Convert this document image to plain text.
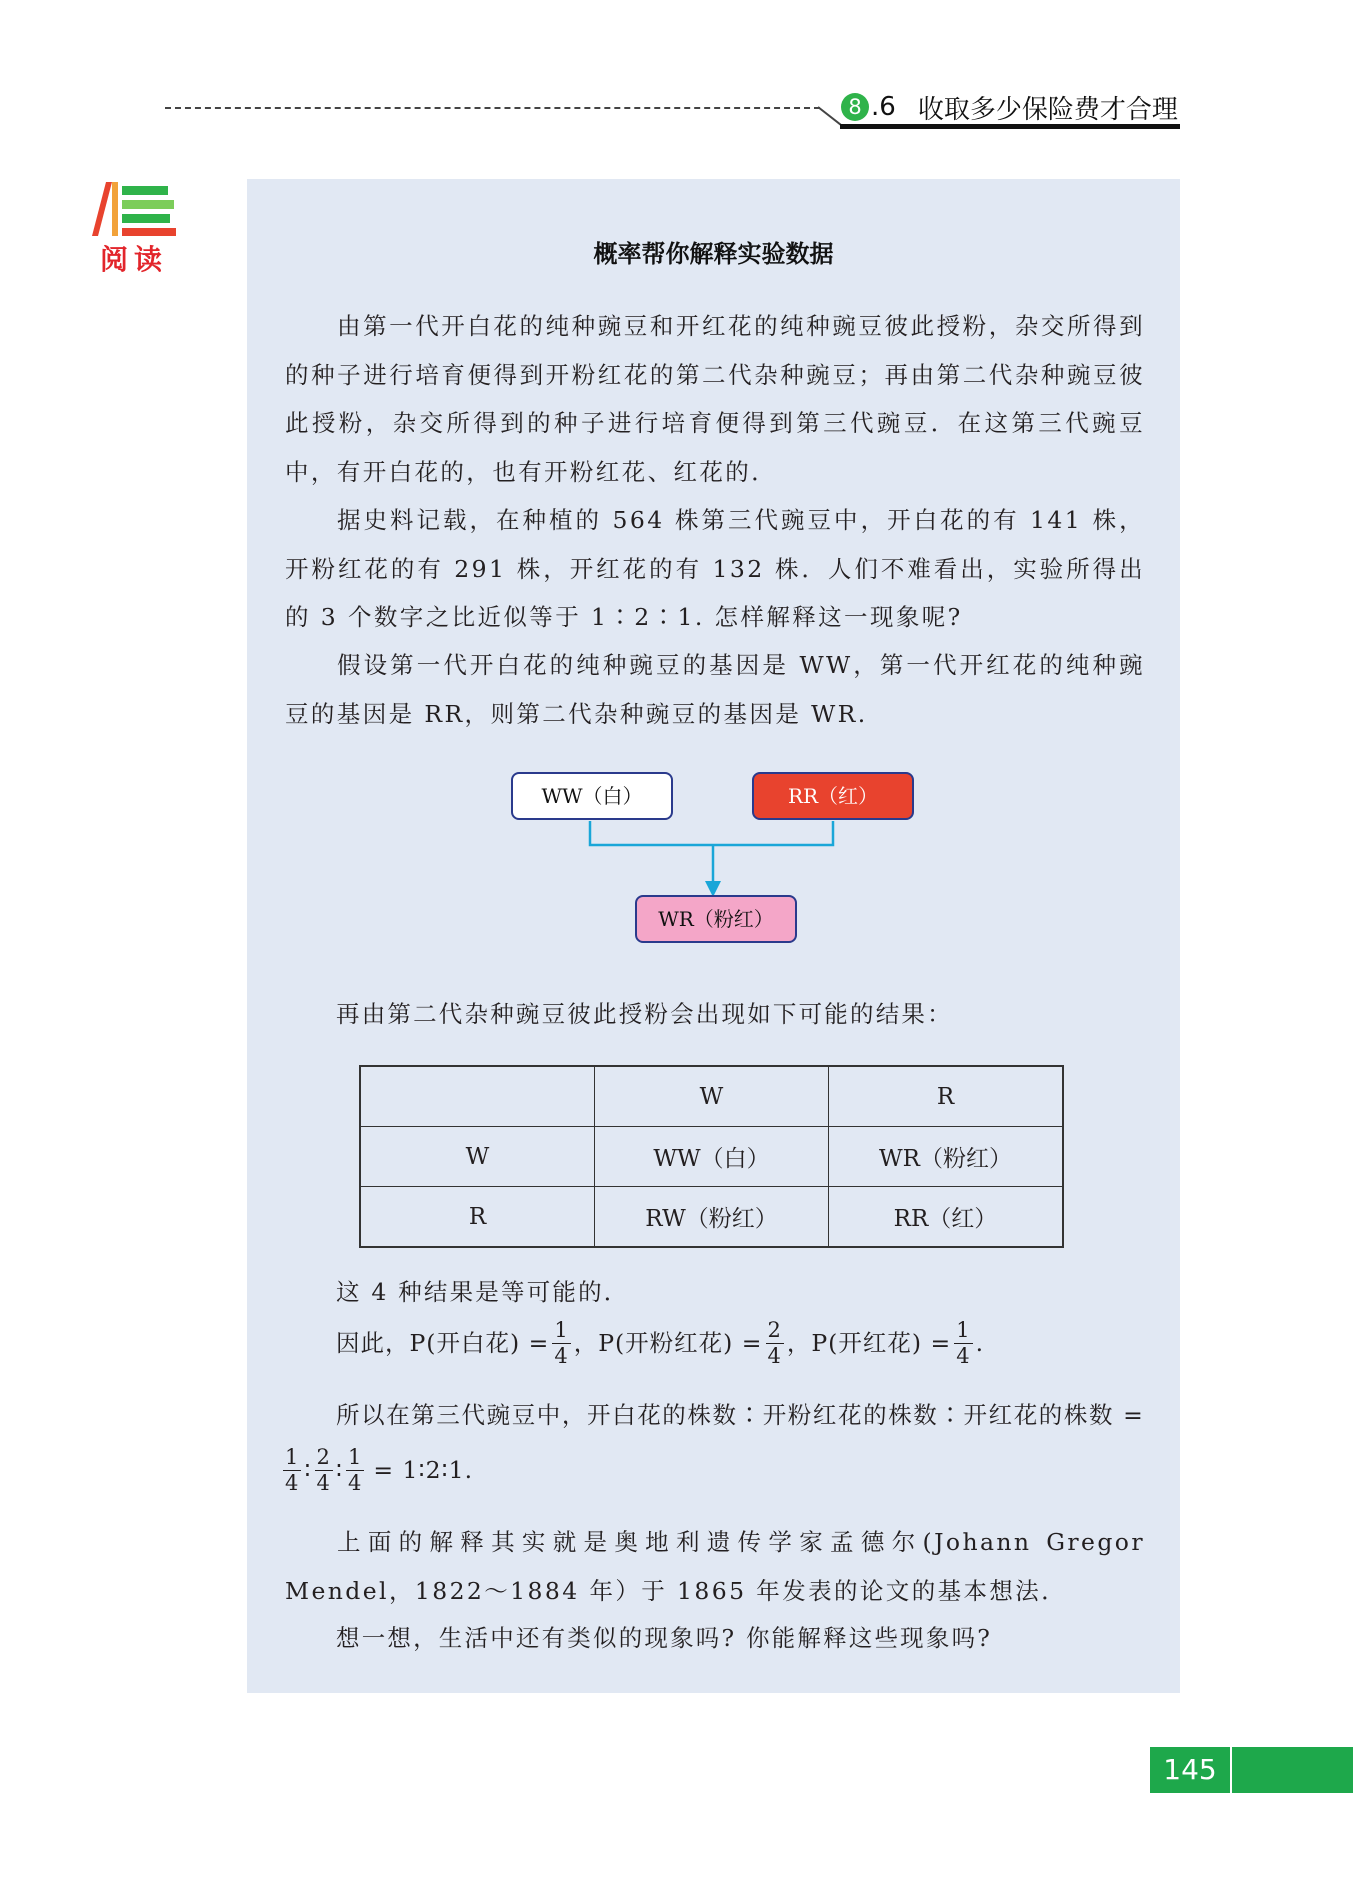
8 .6 收取多少保险费才合理
阅读	概率帮你解释实验数据

由第一代开白花的纯种豌豆和开红花的纯种豌豆彼此授粉，杂交所得到的种子进行培育便得到开粉红花的第二代杂种豌豆；再由第二代杂种豌豆彼此授粉，杂交所得到的种子进行培育便得到第三代豌豆．在这第三代豌豆中，有开白花的，也有开粉红花、红花的．

据史料记载，在种植的 564 株第三代豌豆中，开白花的有 141 株，开粉红花的有 291 株，开红花的有 132 株．人们不难看出，实验所得出的 3 个数字之比近似等于 1∶2∶1. 怎样解释这一现象呢?

假设第一代开白花的纯种豌豆的基因是 WW，第一代开红花的纯种豌豆的基因是 RR，则第二代杂种豌豆的基因是 WR.

WW（白）	RR（红）
WR（粉红）
再由第二代杂种豌豆彼此授粉会出现如下可能的结果：
	W	R
W	WW（白）	WR（粉红）
R	RW（粉红）	RR（红）
这 4 种结果是等可能的．
因此， P(开白花) = $\frac{1}{4}$ ， P(开粉红花) = $\frac{2}{4}$ ， P(开红花) = $\frac{1}{4}$ .
所以在第三代豌豆中，开白花的株数∶开粉红花的株数∶开红花的株数 =
$\frac{1}{4}$ ∶ $\frac{2}{4}$ ∶ $\frac{1}{4}$ = 1∶2∶1.

上面的解释其实就是奥地利遗传学家孟德尔(Johann Gregor Mendel，1822～1884 年）于 1865 年发表的论文的基本想法．

想一想，生活中还有类似的现象吗? 你能解释这些现象吗?
145
